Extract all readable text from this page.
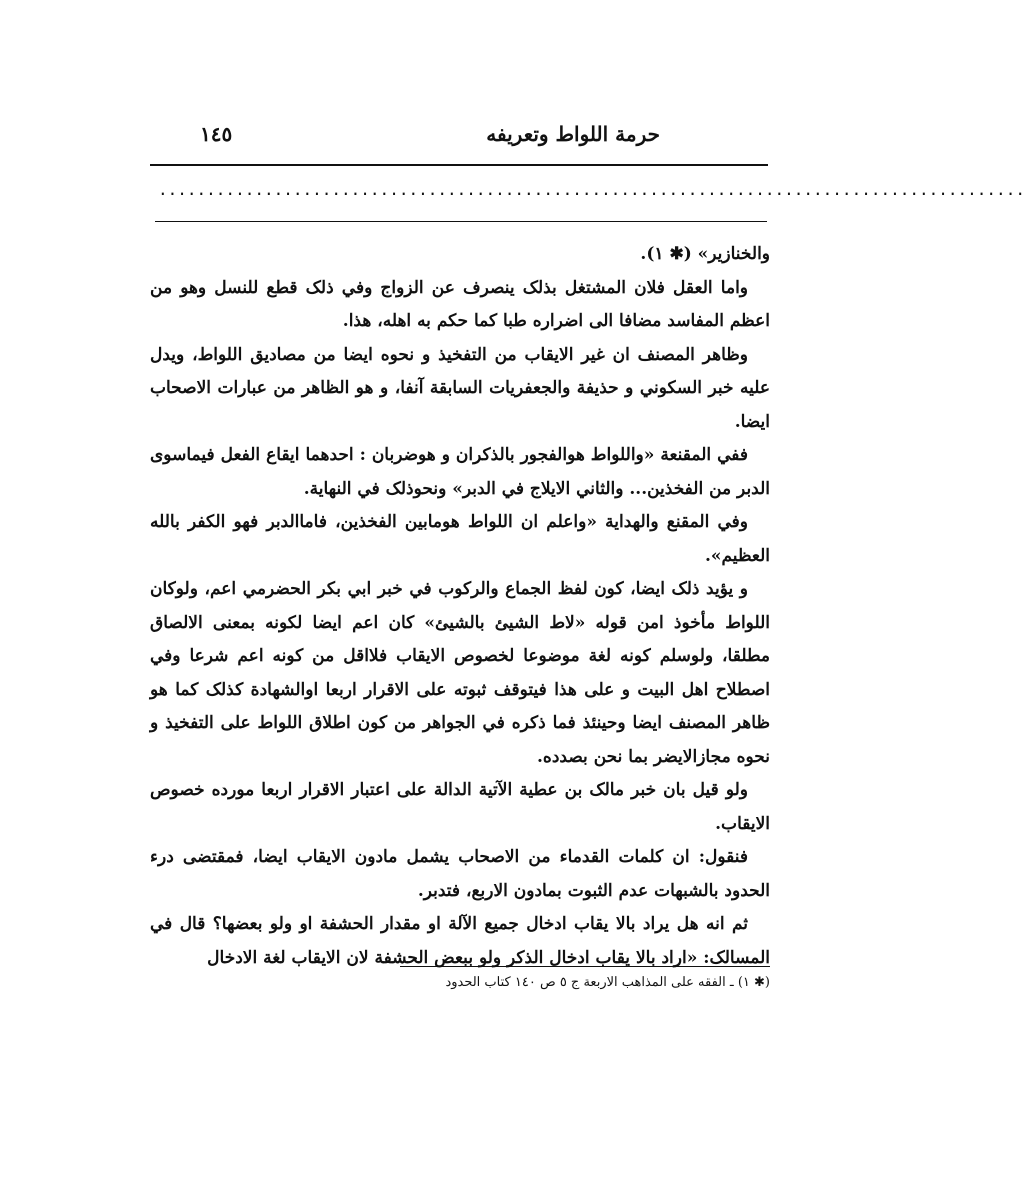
حرمة اللواط وتعريفه
١٤٥
..........................................................................................

والخنازير» (✱ ١).

واما العقل فلان المشتغل بذلک ينصرف عن الزواج وفي ذلک قطع للنسل وهو من اعظم المفاسد مضافا الى اضراره طبا كما حكم به اهله، هذا.

وظاهر المصنف ان غير الايقاب من التفخيذ و نحوه ايضا من مصاديق اللواط، ويدل عليه خبر السكوني و حذيفة والجعفريات السابقة آنفا، و هو الظاهر من عبارات الاصحاب ايضا.

ففي المقنعة «واللواط هوالفجور بالذكران و هوضربان : احدهما ايقاع الفعل فيماسوى الدبر من الفخذين... والثاني الايلاج في الدبر» ونحوذلک في النهاية.

وفي المقنع والهداية «واعلم ان اللواط هومابين الفخذين، فاماالدبر فهو الكفر بالله العظيم».

و يؤيد ذلک ايضا، كون لفظ الجماع والركوب في خبر ابي بكر الحضرمي اعم، ولوكان اللواط مأخوذ امن قوله «لاط الشيئ بالشيئ» كان اعم ايضا لكونه بمعنى الالصاق مطلقا، ولوسلم كونه لغة موضوعا لخصوص الايقاب فلااقل من كونه اعم شرعا وفي اصطلاح اهل البيت و على هذا فيتوقف ثبوته على الاقرار اربعا اوالشهادة كذلک كما هو ظاهر المصنف ايضا وحينئذ فما ذكره في الجواهر من كون اطلاق اللواط على التفخيذ و نحوه مجازالايضر بما نحن بصدده.

ولو قيل بان خبر مالک بن عطية الآتية الدالة على اعتبار الاقرار اربعا مورده خصوص الايقاب.

فنقول: ان كلمات القدماء من الاصحاب يشمل مادون الايقاب ايضا، فمقتضى درء الحدود بالشبهات عدم الثبوت بمادون الاربع، فتدبر.

ثم انه هل يراد بالا يقاب ادخال جميع الآلة او مقدار الحشفة او ولو بعضها؟ قال في المسالک: «اراد بالا يقاب ادخال الذكر ولو ببعض الحشفة لان الايقاب لغة الادخال

(✱ ١) ـ الفقه على المذاهب الاربعة ج ٥ ص ١٤٠ كتاب الحدود
